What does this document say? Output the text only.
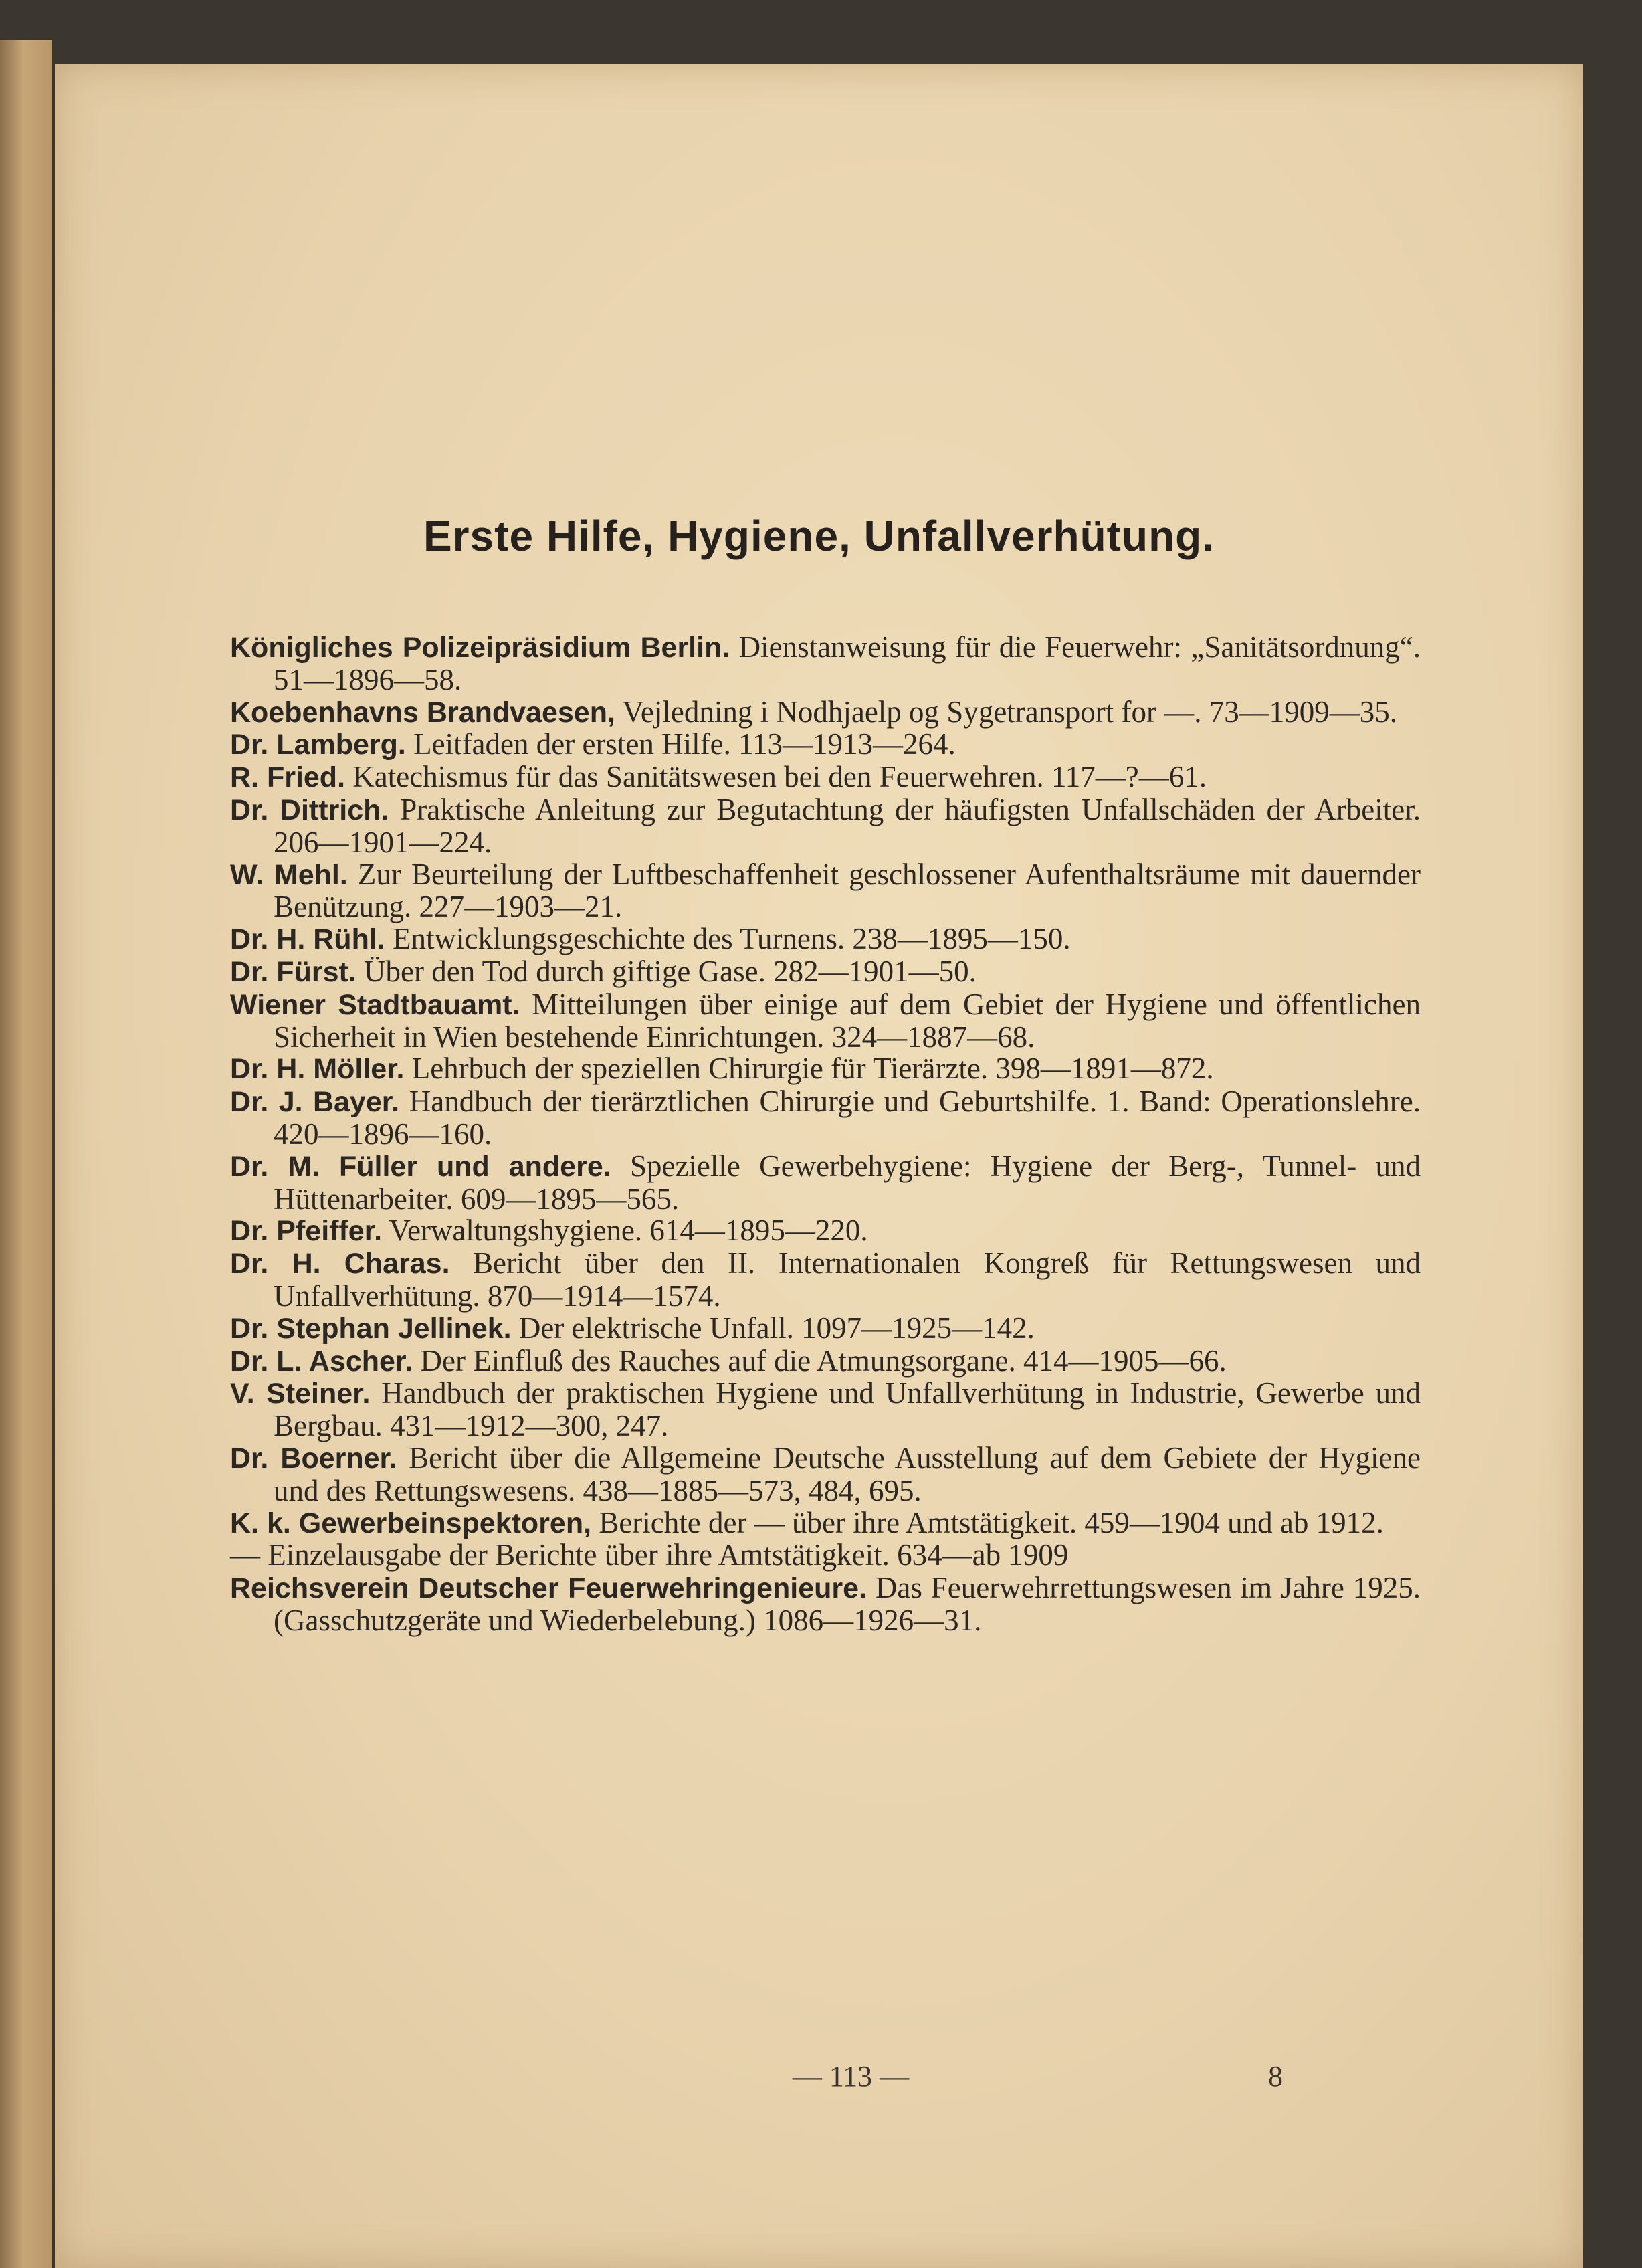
Erste Hilfe, Hygiene, Unfallverhütung.
Königliches Polizeipräsidium Berlin. Dienstanweisung für die Feuerwehr: „Sanitätsordnung“. 51—1896—58.
Koebenhavns Brandvaesen, Vejledning i Nodhjaelp og Sygetransport for —. 73—1909—35.
Dr. Lamberg. Leitfaden der ersten Hilfe. 113—1913—264.
R. Fried. Katechismus für das Sanitätswesen bei den Feuerwehren. 117—?—61.
Dr. Dittrich. Praktische Anleitung zur Begutachtung der häufigsten Unfallschäden der Arbeiter. 206—1901—224.
W. Mehl. Zur Beurteilung der Luftbeschaffenheit geschlossener Aufenthaltsräume mit dauernder Benützung. 227—1903—21.
Dr. H. Rühl. Entwicklungsgeschichte des Turnens. 238—1895—150.
Dr. Fürst. Über den Tod durch giftige Gase. 282—1901—50.
Wiener Stadtbauamt. Mitteilungen über einige auf dem Gebiet der Hygiene und öffentlichen Sicherheit in Wien bestehende Einrichtungen. 324—1887—68.
Dr. H. Möller. Lehrbuch der speziellen Chirurgie für Tierärzte. 398—1891—872.
Dr. J. Bayer. Handbuch der tierärztlichen Chirurgie und Geburtshilfe. 1. Band: Operationslehre. 420—1896—160.
Dr. M. Füller und andere. Spezielle Gewerbehygiene: Hygiene der Berg-, Tunnel- und Hüttenarbeiter. 609—1895—565.
Dr. Pfeiffer. Verwaltungshygiene. 614—1895—220.
Dr. H. Charas. Bericht über den II. Internationalen Kongreß für Rettungswesen und Unfallverhütung. 870—1914—1574.
Dr. Stephan Jellinek. Der elektrische Unfall. 1097—1925—142.
Dr. L. Ascher. Der Einfluß des Rauches auf die Atmungsorgane. 414—1905—66.
V. Steiner. Handbuch der praktischen Hygiene und Unfallverhütung in Industrie, Gewerbe und Bergbau. 431—1912—300, 247.
Dr. Boerner. Bericht über die Allgemeine Deutsche Ausstellung auf dem Gebiete der Hygiene und des Rettungswesens. 438—1885—573, 484, 695.
K. k. Gewerbeinspektoren, Berichte der — über ihre Amtstätigkeit. 459—1904 und ab 1912.
— Einzelausgabe der Berichte über ihre Amtstätigkeit. 634—ab 1909
Reichsverein Deutscher Feuerwehringenieure. Das Feuerwehrrettungswesen im Jahre 1925. (Gasschutzgeräte und Wiederbelebung.) 1086—1926—31.
— 113 —	8
